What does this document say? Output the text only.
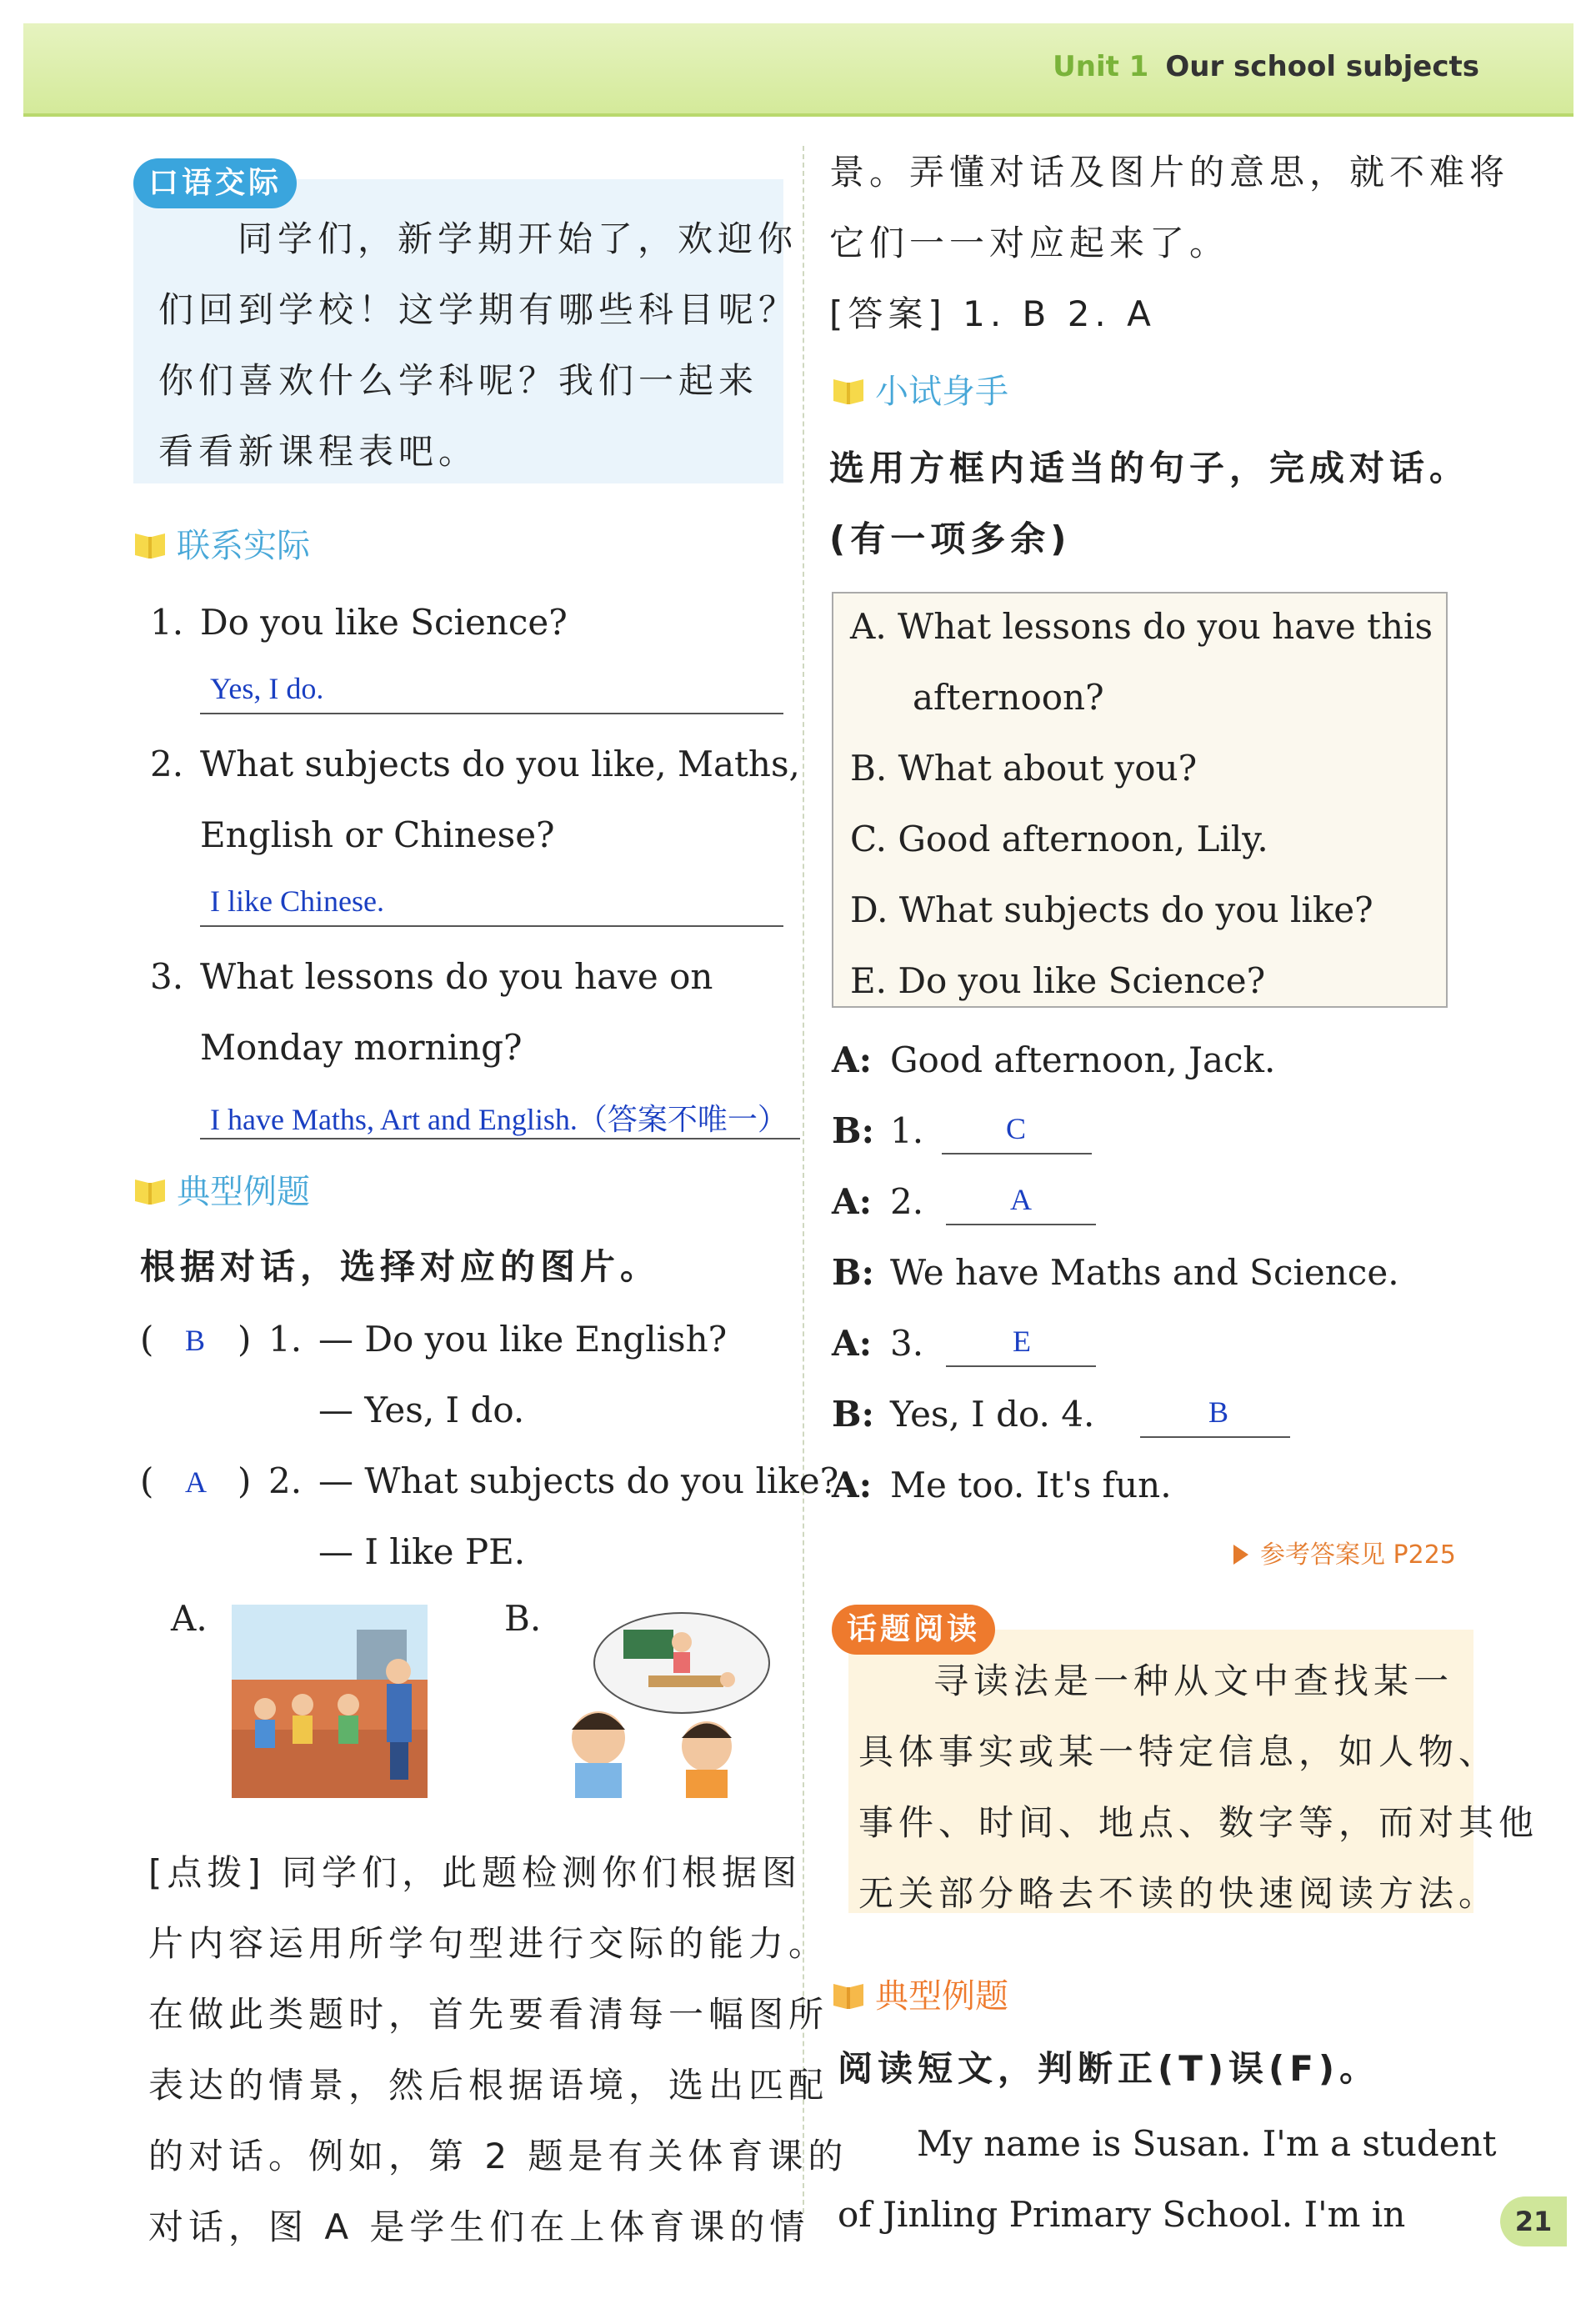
Unit 1 Our school subjects
口语交际
同学们，新学期开始了，欢迎你
们回到学校！这学期有哪些科目呢？
你们喜欢什么学科呢？我们一起来
看看新课程表吧。
联系实际
1. Do you like Science?
Yes, I do.
2. What subjects do you like, Maths,
English or Chinese?
I like Chinese.
3. What lessons do you have on
Monday morning?
I have Maths, Art and English.（答案不唯一）
典型例题
根据对话，选择对应的图片。
( B ) 1. — Do you like English?
— Yes, I do.
( A ) 2. — What subjects do you like?
— I like PE.
A.	B.
[点拨] 同学们，此题检测你们根据图
片内容运用所学句型进行交际的能力。
在做此类题时，首先要看清每一幅图所
表达的情景，然后根据语境，选出匹配
的对话。例如，第 2 题是有关体育课的
对话，图 A 是学生们在上体育课的情
景。弄懂对话及图片的意思，就不难将
它们一一对应起来了。
[答案] 1. B 2. A
小试身手
选用方框内适当的句子，完成对话。
(有一项多余)
A. What lessons do you have this
afternoon?
B. What about you?
C. Good afternoon, Lily.
D. What subjects do you like?
E. Do you like Science?
A: Good afternoon, Jack.
B: 1.	C
A: 2.	A
B: We have Maths and Science.
A: 3.	E
B: Yes, I do. 4.	B
A: Me too. It's fun.
参考答案见 P225
话题阅读
寻读法是一种从文中查找某一
具体事实或某一特定信息，如人物、
事件、时间、地点、数字等，而对其他
无关部分略去不读的快速阅读方法。
典型例题
阅读短文，判断正(T)误(F)。
My name is Susan. I'm a student
of Jinling Primary School. I'm in	21
